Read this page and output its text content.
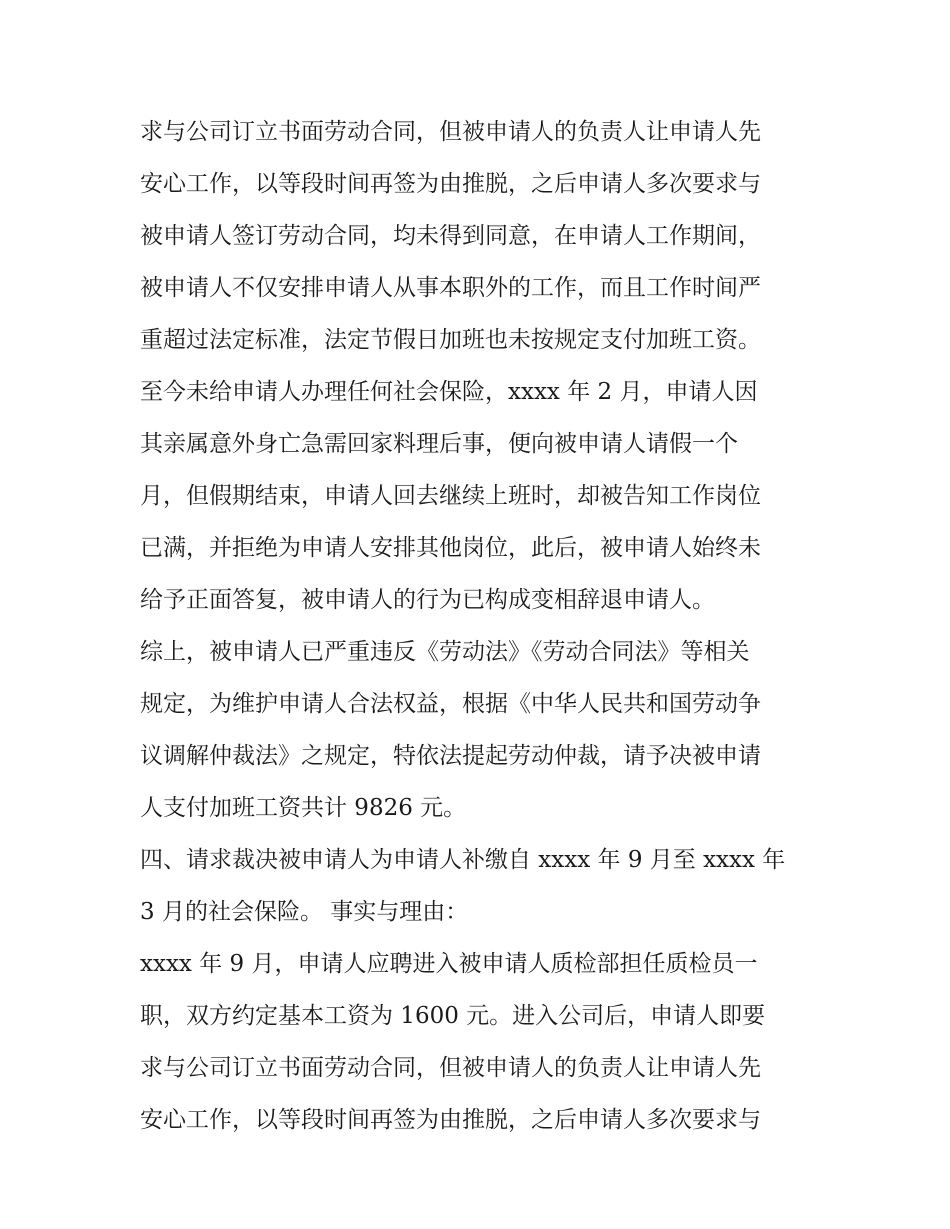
求与公司订立书面劳动合同，但被申请人的负责人让申请人先
安心工作，以等段时间再签为由推脱，之后申请人多次要求与
被申请人签订劳动合同，均未得到同意，在申请人工作期间，
被申请人不仅安排申请人从事本职外的工作，而且工作时间严
重超过法定标准，法定节假日加班也未按规定支付加班工资。
至今未给申请人办理任何社会保险，xxxx 年 2 月，申请人因
其亲属意外身亡急需回家料理后事，便向被申请人请假一个
月，但假期结束，申请人回去继续上班时，却被告知工作岗位
已满，并拒绝为申请人安排其他岗位，此后，被申请人始终未
给予正面答复，被申请人的行为已构成变相辞退申请人。
综上，被申请人已严重违反《劳动法》《劳动合同法》等相关
规定，为维护申请人合法权益，根据《中华人民共和国劳动争
议调解仲裁法》之规定，特依法提起劳动仲裁，请予决被申请
人支付加班工资共计 9826 元。
四、请求裁决被申请人为申请人补缴自 xxxx 年 9 月至 xxxx 年
3 月的社会保险。 事实与理由：
xxxx 年 9 月，申请人应聘进入被申请人质检部担任质检员一
职，双方约定基本工资为 1600 元。进入公司后，申请人即要
求与公司订立书面劳动合同，但被申请人的负责人让申请人先
安心工作，以等段时间再签为由推脱，之后申请人多次要求与
